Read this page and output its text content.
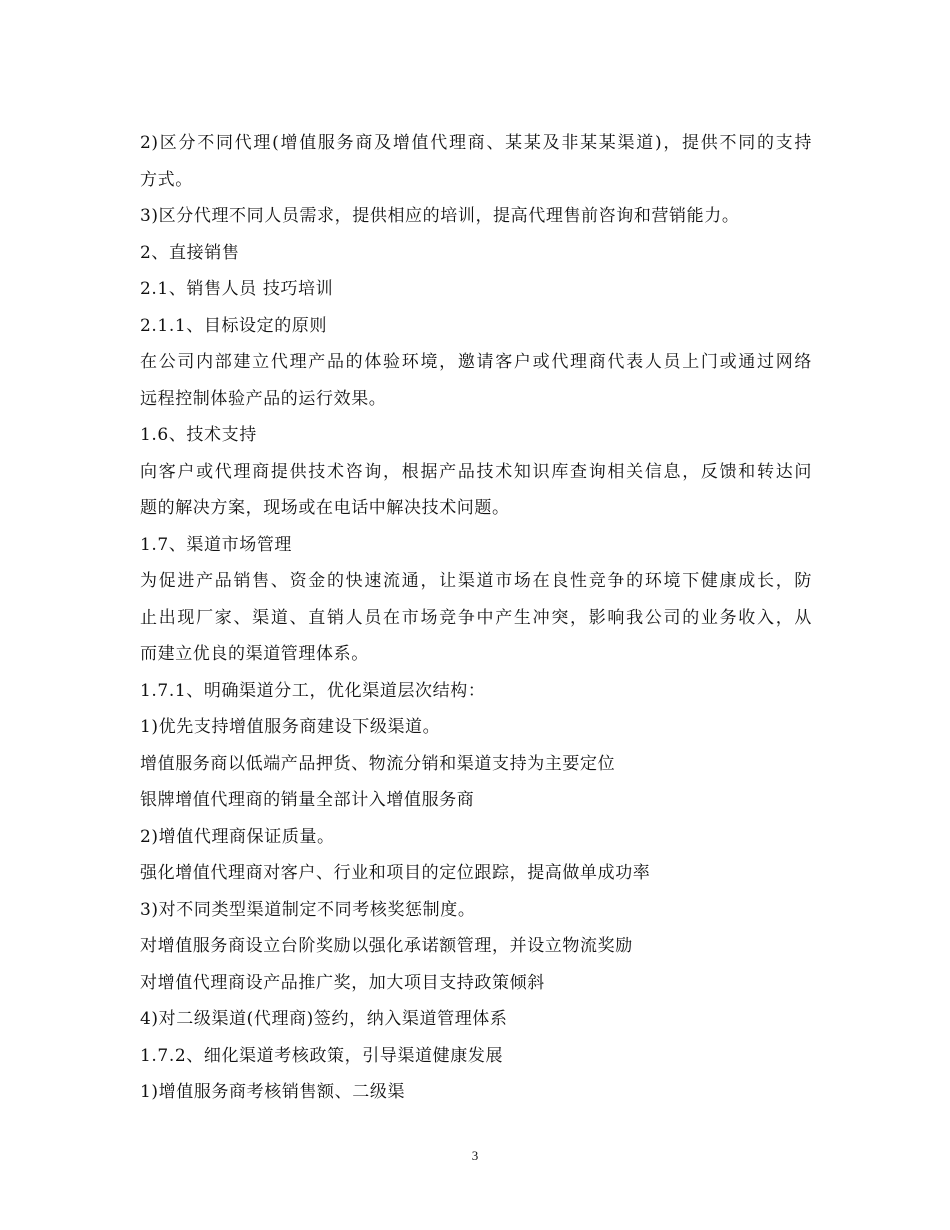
2)区分不同代理(增值服务商及增值代理商、某某及非某某渠道)，提供不同的支持
方式。
3)区分代理不同人员需求，提供相应的培训，提高代理售前咨询和营销能力。
2、直接销售
2.1、销售人员 技巧培训
2.1.1、目标设定的原则
在公司内部建立代理产品的体验环境，邀请客户或代理商代表人员上门或通过网络
远程控制体验产品的运行效果。
1.6、技术支持
向客户或代理商提供技术咨询，根据产品技术知识库查询相关信息，反馈和转达问
题的解决方案，现场或在电话中解决技术问题。
1.7、渠道市场管理
为促进产品销售、资金的快速流通，让渠道市场在良性竞争的环境下健康成长，防
止出现厂家、渠道、直销人员在市场竞争中产生冲突，影响我公司的业务收入，从
而建立优良的渠道管理体系。
1.7.1、明确渠道分工，优化渠道层次结构：
1)优先支持增值服务商建设下级渠道。
增值服务商以低端产品押货、物流分销和渠道支持为主要定位
银牌增值代理商的销量全部计入增值服务商
2)增值代理商保证质量。
强化增值代理商对客户、行业和项目的定位跟踪，提高做单成功率
3)对不同类型渠道制定不同考核奖惩制度。
对增值服务商设立台阶奖励以强化承诺额管理，并设立物流奖励
对增值代理商设产品推广奖，加大项目支持政策倾斜
4)对二级渠道(代理商)签约，纳入渠道管理体系
1.7.2、细化渠道考核政策，引导渠道健康发展
1)增值服务商考核销售额、二级渠
3
